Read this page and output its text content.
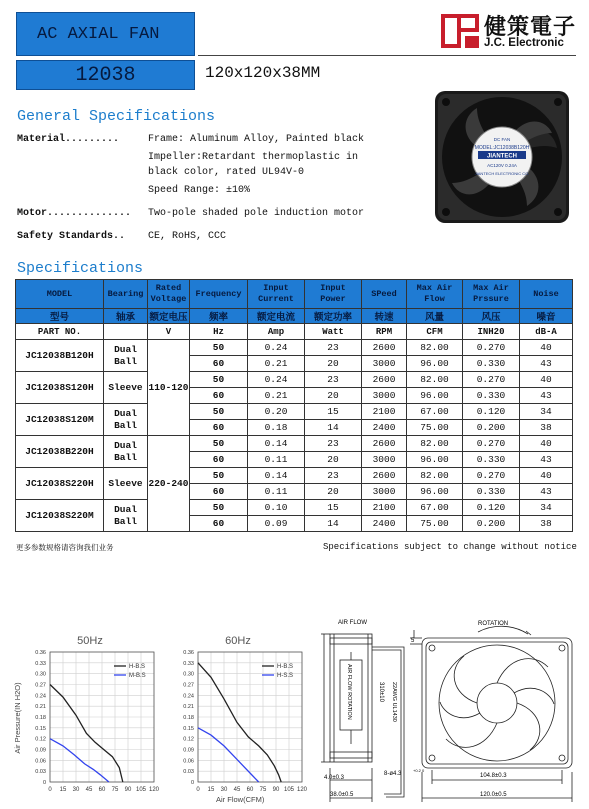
AC AXIAL FAN
12038	120x120x38MM
健策電子
J.C. Electronic
General Specifications
Material.........	Frame: Aluminum Alloy, Painted black
Impeller:Retardant thermoplastic in
black color, rated UL94V-0
Speed Range: ±10%
Motor.............. Two-pole shaded pole induction motor
Safety Standards.. CE, RoHS, CCC
DC FAN
MODEL:JC12038B120H
JIANTECH
AC120V 0.24A
JIANTECH ELECTRONIC CO.
Specifications
MODEL	Bearing	Rated Voltage	Frequency	Input Current	Input Power	SPeed	Max Air Flow	Max Air Prssure	Noise
型号	轴承	额定电压	频率	额定电流	额定功率	转速	风量	风压	噪音
PART NO.		V	Hz	Amp	Watt	RPM	CFM	INH20	dB-A
JC12038B120H	Dual Ball	110-120	50	0.24	23	2600	82.00	0.270	40
			60	0.21	20	3000	96.00	0.330	43
JC12038S120H	Sleeve		50	0.24	23	2600	82.00	0.270	40
			60	0.21	20	3000	96.00	0.330	43
JC12038S120M	Dual Ball		50	0.20	15	2100	67.00	0.120	34
			60	0.18	14	2400	75.00	0.200	38
JC12038B220H	Dual Ball	220-240	50	0.14	23	2600	82.00	0.270	40
			60	0.11	20	3000	96.00	0.330	43
JC12038S220H	Sleeve		50	0.14	23	2600	82.00	0.270	40
			60	0.11	20	3000	96.00	0.330	43
JC12038S220M	Dual Ball		50	0.10	15	2100	67.00	0.120	34
			60	0.09	14	2400	75.00	0.200	38
更多参数规格请咨询我们业务	Specifications subject to change without notice
0
0.03
0.06
0.09
0.12
0.15
0.18
0.21
0.24
0.27
0.30
0.33
0.36
0 15 30 45 60 75 90 105 120
50Hz
H-B.S
M-B.S
0
0.03
0.06
0.09
0.12
0.15
0.18
0.21
0.24
0.27
0.30
0.33
0.36
0 15 30 45 60 75 90 105 120
60Hz
H-B.S
H-S.S
Air Pressure(IN H2O)
Air Flow(CFM)
AIR FLOW	ROTATION
310±10 22AWG UL1430
AIR FLOW ROTATION
5
4.0±0.3
38.0±0.5
8-ø4.3
+0.2 0
104.8±0.3
120.0±0.5
